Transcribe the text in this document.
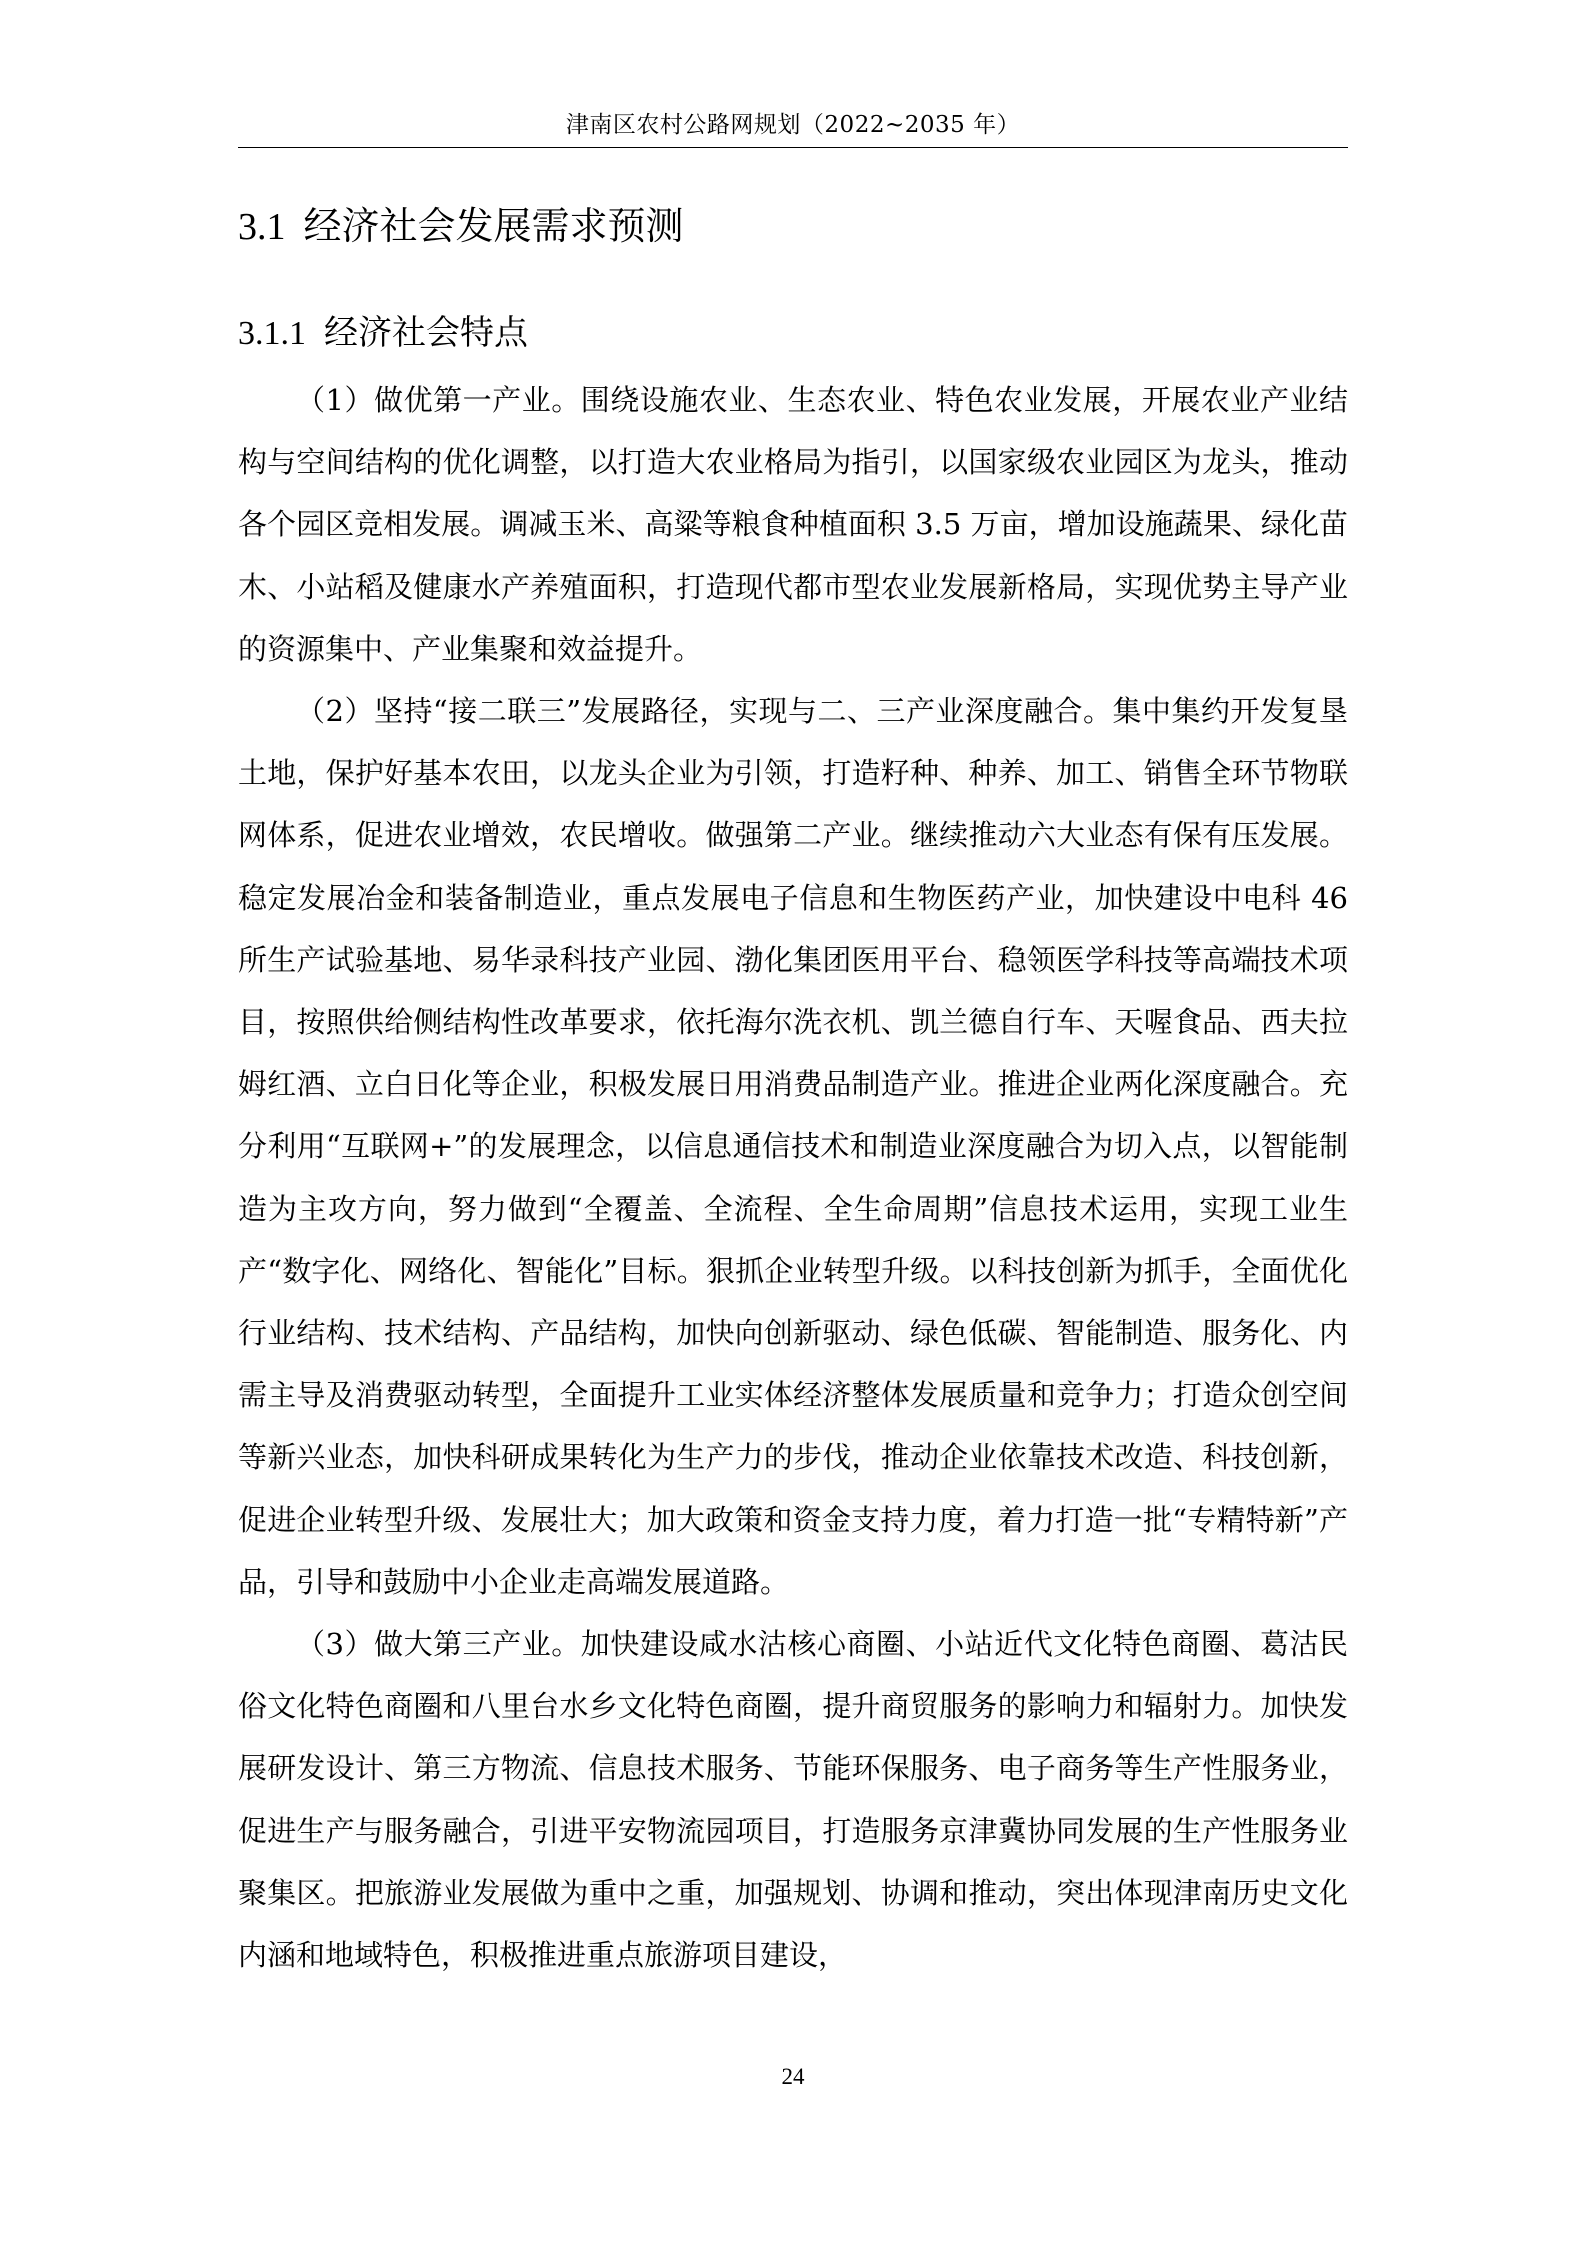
津南区农村公路网规划（2022~2035 年）
3.1 经济社会发展需求预测
3.1.1 经济社会特点

（1）做优第一产业。围绕设施农业、生态农业、特色农业发展，开展农业产业结构与空间结构的优化调整，以打造大农业格局为指引，以国家级农业园区为龙头，推动各个园区竞相发展。调减玉米、高粱等粮食种植面积 3.5 万亩，增加设施蔬果、绿化苗木、小站稻及健康水产养殖面积，打造现代都市型农业发展新格局，实现优势主导产业的资源集中、产业集聚和效益提升。

（2）坚持“接二联三”发展路径，实现与二、三产业深度融合。集中集约开发复垦土地，保护好基本农田，以龙头企业为引领，打造籽种、种养、加工、销售全环节物联网体系，促进农业增效，农民增收。做强第二产业。继续推动六大业态有保有压发展。稳定发展冶金和装备制造业，重点发展电子信息和生物医药产业，加快建设中电科 46 所生产试验基地、易华录科技产业园、渤化集团医用平台、稳领医学科技等高端技术项目，按照供给侧结构性改革要求，依托海尔洗衣机、凯兰德自行车、天喔食品、西夫拉姆红酒、立白日化等企业，积极发展日用消费品制造产业。推进企业两化深度融合。充分利用“互联网+”的发展理念，以信息通信技术和制造业深度融合为切入点，以智能制造为主攻方向，努力做到“全覆盖、全流程、全生命周期”信息技术运用，实现工业生产“数字化、网络化、智能化”目标。狠抓企业转型升级。以科技创新为抓手，全面优化行业结构、技术结构、产品结构，加快向创新驱动、绿色低碳、智能制造、服务化、内需主导及消费驱动转型，全面提升工业实体经济整体发展质量和竞争力；打造众创空间等新兴业态，加快科研成果转化为生产力的步伐，推动企业依靠技术改造、科技创新，促进企业转型升级、发展壮大；加大政策和资金支持力度，着力打造一批“专精特新”产品，引导和鼓励中小企业走高端发展道路。

（3）做大第三产业。加快建设咸水沽核心商圈、小站近代文化特色商圈、葛沽民俗文化特色商圈和八里台水乡文化特色商圈，提升商贸服务的影响力和辐射力。加快发展研发设计、第三方物流、信息技术服务、节能环保服务、电子商务等生产性服务业，促进生产与服务融合，引进平安物流园项目，打造服务京津冀协同发展的生产性服务业聚集区。把旅游业发展做为重中之重，加强规划、协调和推动，突出体现津南历史文化内涵和地域特色，积极推进重点旅游项目建设，

24
